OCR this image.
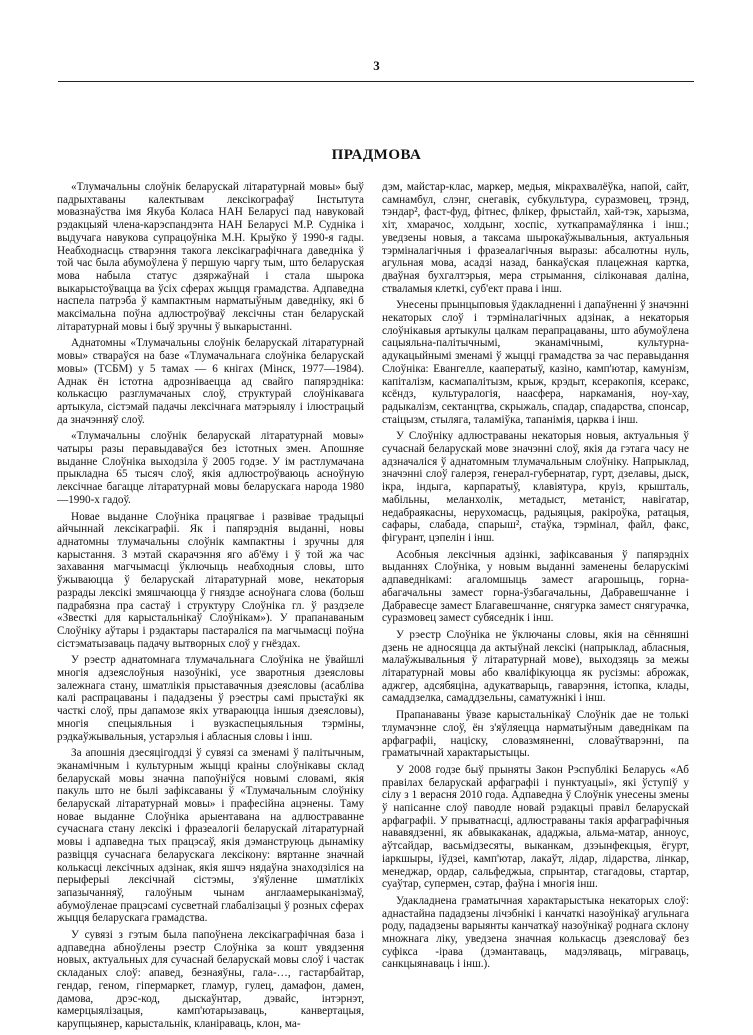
3
ПРАДМОВА

«Тлумачальны слоўнік беларускай літаратурнай мовы» быў падрыхтаваны калектывам лексікографаў Інстытута мовазнаўства імя Якуба Коласа НАН Беларусі пад навуковай рэдакцыяй члена-карэспандэнта НАН Беларусі М.Р. Судніка і выдучага навукова супрацоўніка М.Н. Крыўко ў 1990-я гады. Неабходнасць стварэння такога лексікаграфічнага даведніка ў той час была абумоўлена ў першую чаргу тым, што беларуская мова набыла статус дзяржаўнай і стала шырока выкарыстоўвацца ва ўсіх сферах жыцця грамадства. Адпаведна наспела патрэба ў кампактным нарматыўным даведніку, які б максімальна поўна адлюстроўваў лексічны стан беларускай літаратурнай мовы і быў зручны ў выкарыстанні.

Аднатомны «Тлумачальны слоўнік беларускай літаратурнай мовы» ствараўся на базе «Тлумачальнага слоўніка беларускай мовы» (ТСБМ) у 5 тамах — 6 кнігах (Мінск, 1977—1984). Аднак ён істотна адрозніваецца ад свайго папярэдніка: колькасцю разглумачаных слоў, структурай слоўнікавага артыкула, сістэмай падачы лексічнага матэрыялу і ілюстрацый да значэнняў слоў.

«Тлумачальны слоўнік беларускай літаратурнай мовы» чатыры разы перавыдаваўся без істотных змен. Апошняе выданне Слоўніка выходзіла ў 2005 годзе. У ім растлумачана прыкладна 65 тысяч слоў, якія адлюстроўваюць асноўную лексічнае багацце літаратурнай мовы беларускага народа 1980—1990-х гадоў.

Новае выданне Слоўніка працягвае і развівае традыцыі айчыннай лексікаграфіі. Як і папярэднія выданні, новы аднатомны тлумачальны слоўнік кампактны і зручны для карыстання. З мэтай скарачэння яго аб'ёму і ў той жа час захавання магчымасці ўключыць неабходныя словы, што ўжываюцца ў беларускай літаратурнай мове, некаторыя разрады лексікі змяшчаюцца ў гняздзе асноўнага слова (больш падрабязна пра састаў і структуру Слоўніка гл. ў раздзеле «Звесткі для карыстальнікаў Слоўнікам»). У прапанаваным Слоўніку аўтары і рэдактары пастараліся па магчымасці поўна сістэматызаваць падачу вытворных слоў у гнёздах.

У рэестр аднатомнага тлумачальнага Слоўніка не ўвайшлі многія адзеяслоўныя назоўнікі, усе зваротныя дзеясловы залежнага стану, шматлікія прыставачныя дзеясловы (асабліва калі распрацаваны і пададзены ў рэестры самі прыстаўкі як часткі слоў, пры дапамозе якіх утвараюцца іншыя дзеясловы), многія спецыяльныя і вузкаспецыяльныя тэрміны, рэдкаўжывальныя, устарэлыя і абласныя словы і інш.

За апошнія дзесяцігоддзі ў сувязі са зменамі ў палітычным, эканамічным і культурным жыцці краіны слоўнікавы склад беларускай мовы значна папоўніўся новымі словамі, якія пакуль што не былі зафіксаваны ў «Тлумачальным слоўніку беларускай літаратурнай мовы» і прафесійна ацэнены. Таму новае выданне Слоўніка арыентавана на адлюстраванне сучаснага стану лексікі і фразеалогіі беларускай літаратурнай мовы і адпаведна тых працэсаў, якія дэманструюць дынаміку развіцця сучаснага беларускага лексікону: вяртанне значнай колькасці лексічных адзінак, якія яшчэ нядаўна знаходзіліся на перыферыі лексічнай сістэмы, з'яўленне шматлікіх запазычанняў, галоўным чынам англаамерыканізмаў, абумоўленае працэсамі сусветнай глабалізацыі ў розных сферах жыцця беларускага грамадства.

У сувязі з гэтым была папоўнена лексікаграфічная база і адпаведна абноўлены рэестр Слоўніка за кошт увядзення новых, актуальных для сучаснай беларускай мовы слоў і частак складаных слоў: апавед, безнаяўны, гала-…, гастарбайтар, гендар, геном, гіпермаркет, гламур, гулец, дамафон, дамен, дамова, дрэс-код, дыскаўнтар, дэвайс, інтэрнэт, камерцыялізацыя, камп'ютарызаваць, канвертацыя, карупцыянер, карыстальнік, кланіраваць, клон, ма-

дэм, майстар-клас, маркер, медыя, мікрахвалёўка, напой, сайт, самнамбул, слэнг, снегавік, субкультура, суразмовец, трэнд, тэндар², фаст-фуд, фітнес, флікер, фрыстайл, хай-тэк, харызма, хіт, хмарачос, холдынг, хоспіс, хуткапрамаўлянка і інш.; уведзены новыя, а таксама шырокаўжывальныя, актуальныя тэрміналагічныя і фразеалагічныя выразы: абсалютны нуль, агульная мова, асадзі назад, банкаўская плацежная картка, дваўная бухгалтэрыя, мера стрымання, сіліконавая даліна, стваламыя клеткі, суб'ект права і інш.

Унесены прынцыповыя ўдакладненні і дапаўненні ў значэнні некаторых слоў і тэрміналагічных адзінак, а некаторыя слоўнікавыя артыкулы цалкам перапрацаваны, што абумоўлена сацыяльна-палітычнымі, эканамічнымі, культурна-адукацыйнымі зменамі ў жыцці грамадства за час перавыдання Слоўніка: Евангелле, кааператыў, казіно, камп'ютар, камунізм, капіталізм, касмапалітызм, крыж, крэдыт, ксеракопія, ксеракс, ксёндз, культуралогія, наасфера, наркаманія, ноу-хау, радыкалізм, сектанцтва, скрыжаль, спадар, спадарства, спонсар, стаіцызм, стыляга, таламіўка, тапанімія, царква і інш.

У Слоўніку адлюстраваны некаторыя новыя, актуальныя ў сучаснай беларускай мове значэнні слоў, якія да гэтага часу не адзначаліся ў аднатомным тлумачальным слоўніку. Напрыклад, значэнні слоў галерэя, генерал-губернатар, гурт, дзелавы, дыск, ікра, індыга, карпаратыў, клавіятура, круіз, крышталь, мабільны, меланхолік, метадыст, метаніст, навігатар, недабраякасны, нерухомасць, радыяцыя, ракіроўка, ратацыя, сафары, слабада, спарыш², стаўка, тэрмінал, файл, факс, фігурант, цэпелін і інш.

Асобныя лексічныя адзінкі, зафіксаваныя ў папярэдніх выданнях Слоўніка, у новым выданні заменены беларускімі адпаведнікамі: агаломшыць замест агарошыць, горна-абагачальны замест горна-ўзбагачальны, Дабравешчанне і Дабравесце замест Благавешчанне, снягурка замест снягурачка, суразмовец замест субяседнік і інш.

У рэестр Слоўніка не ўключаны словы, якія на сённяшні дзень не адносяцца да актыўнай лексікі (напрыклад, абласныя, малаўжывальныя ў літаратурнай мове), выходзяць за межы літаратурнай мовы або кваліфікуюцца як русізмы: аброжак, аджгер, адсябяціна, адукатварыць, гаварэння, істопка, клады, самаддзелка, самаддзельны, саматужнікі і інш.

Прапанаваны ўвазе карыстальнікаў Слоўнік дае не толькі тлумачэнне слоў, ён з'яўляецца нарматыўным даведнікам па арфаграфіі, націску, словазмяненні, словаўтварэнні, па граматычнай характарыстыцы.

У 2008 годзе быў прыняты Закон Рэспублікі Беларусь «Аб правілах беларускай арфаграфіі і пунктуацыі», які ўступіў у сілу з 1 верасня 2010 года. Адпаведна ў Слоўнік унесены змены ў напісанне слоў паводле новай рэдакцыі правіл беларускай арфаграфіі. У прыватнасці, адлюстраваны такія арфаграфічныя нававядзенні, як абвыкаканак, ададжыа, альма-матар, анноус, аўтсайдар, васьмідзесяты, выканкам, дзэынфекцыя, ёгурт, іаркшыры, іўдзеі, камп'ютар, лакаўт, лідар, лідарства, лінкар, менеджар, ордар, сальфеджыа, спрынтар, стагадовы, стартар, суаўтар, супермен, сэтар, фаўна і многія інш.

Удакладнена граматычная характарыстыка некаторых слоў: аднастайна пададзены лічэбнікі і канчаткі назоўнікаў агульнага роду, пададзены варыянты канчаткаў назоўнікаў роднага склону множнага ліку, уведзена значная колькасць дзеясловаў без суфікса -ірава (дэмантаваць, мадэляваць, міграваць, санкцыянаваць і інш.).
